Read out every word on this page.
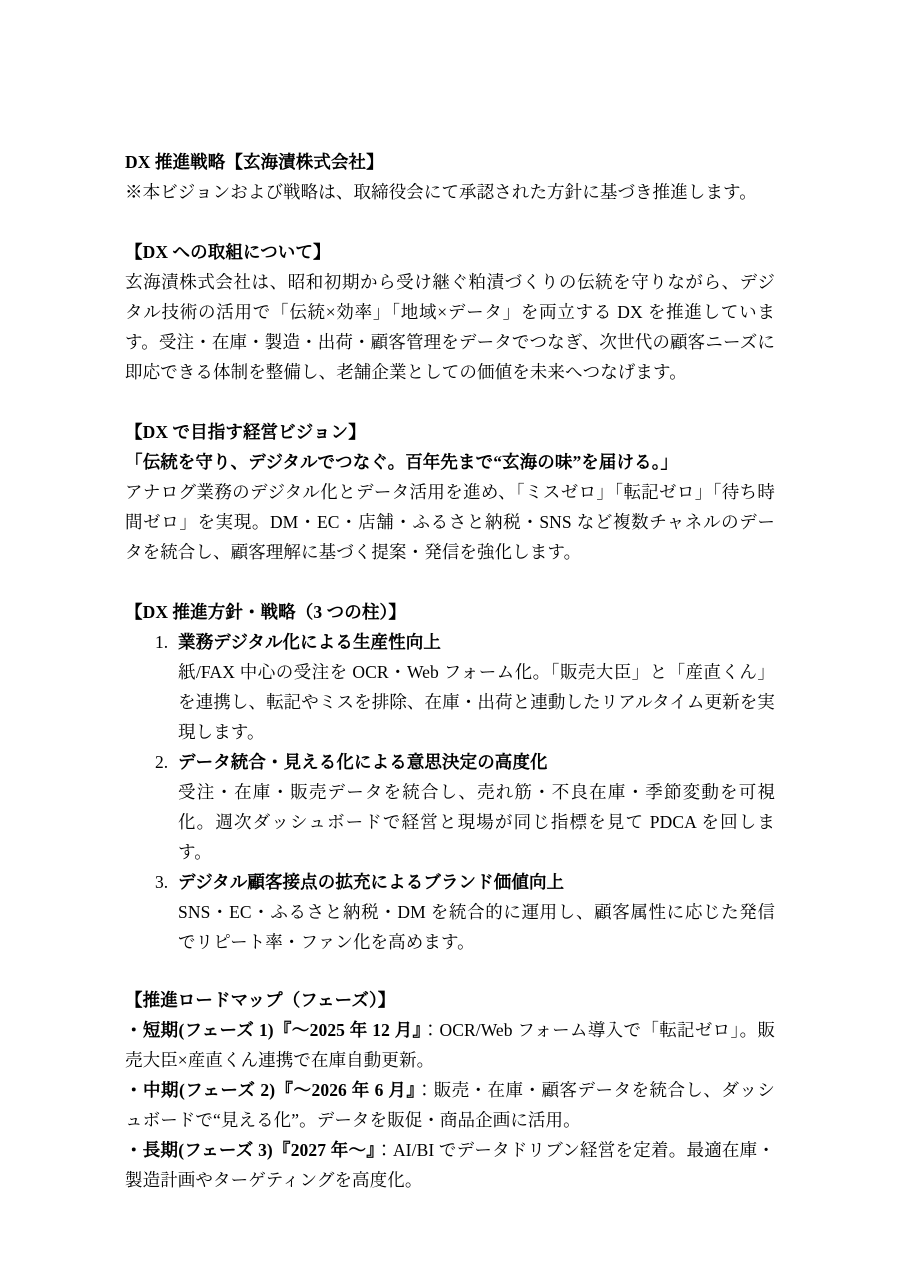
DX 推進戦略【玄海漬株式会社】

※本ビジョンおよび戦略は、取締役会にて承認された方針に基づき推進します。

【DX への取組について】

玄海漬株式会社は、昭和初期から受け継ぐ粕漬づくりの伝統を守りながら、デジタル技術の活用で「伝統×効率」「地域×データ」を両立する DX を推進しています。受注・在庫・製造・出荷・顧客管理をデータでつなぎ、次世代の顧客ニーズに即応できる体制を整備し、老舗企業としての価値を未来へつなげます。

【DX で目指す経営ビジョン】

「伝統を守り、デジタルでつなぐ。百年先まで“玄海の味”を届ける。」

アナログ業務のデジタル化とデータ活用を進め、「ミスゼロ」「転記ゼロ」「待ち時間ゼロ」を実現。DM・EC・店舗・ふるさと納税・SNS など複数チャネルのデータを統合し、顧客理解に基づく提案・発信を強化します。

【DX 推進方針・戦略（3 つの柱）】

1. 業務デジタル化による生産性向上

紙/FAX 中心の受注を OCR・Web フォーム化。「販売大臣」と「産直くん」を連携し、転記やミスを排除、在庫・出荷と連動したリアルタイム更新を実現します。

2. データ統合・見える化による意思決定の高度化

受注・在庫・販売データを統合し、売れ筋・不良在庫・季節変動を可視化。週次ダッシュボードで経営と現場が同じ指標を見て PDCA を回します。

3. デジタル顧客接点の拡充によるブランド価値向上

SNS・EC・ふるさと納税・DM を統合的に運用し、顧客属性に応じた発信でリピート率・ファン化を高めます。

【推進ロードマップ（フェーズ）】

・短期(フェーズ 1)『～2025 年 12 月』：OCR/Web フォーム導入で「転記ゼロ」。販売大臣×産直くん連携で在庫自動更新。

・中期(フェーズ 2)『～2026 年 6 月』：販売・在庫・顧客データを統合し、ダッシュボードで“見える化”。データを販促・商品企画に活用。

・長期(フェーズ 3)『2027 年～』：AI/BI でデータドリブン経営を定着。最適在庫・製造計画やターゲティングを高度化。
